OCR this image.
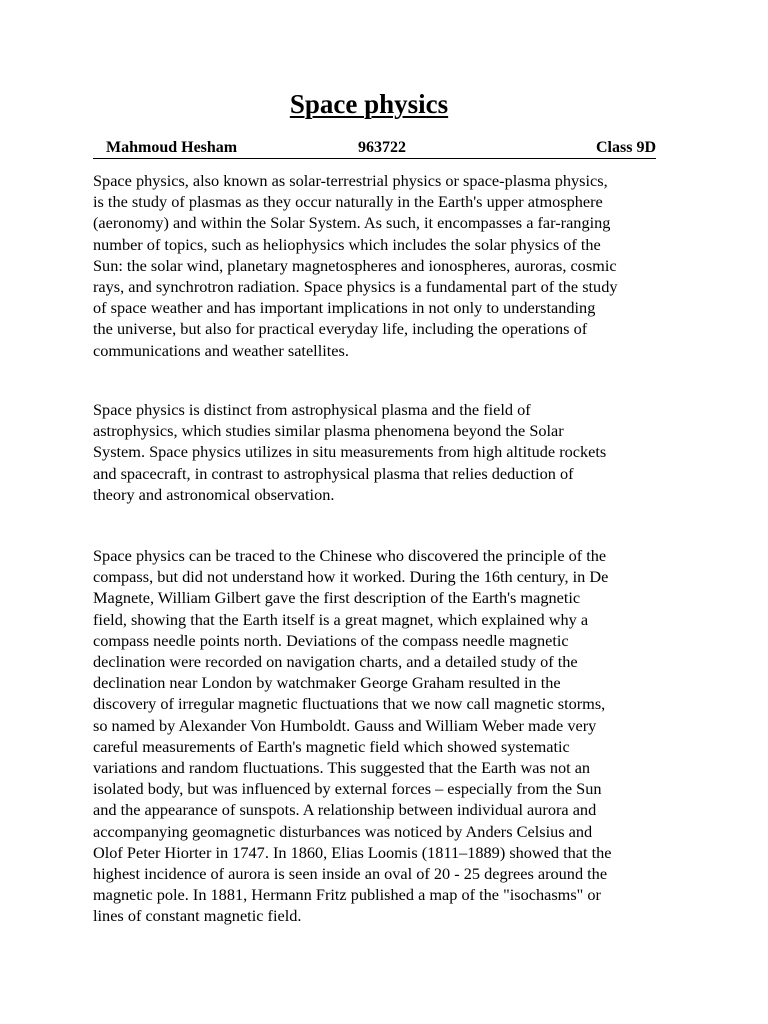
Space physics
Mahmoud Hesham	963722	Class 9D

Space physics, also known as solar-terrestrial physics or space-plasma physics,
is the study of plasmas as they occur naturally in the Earth's upper atmosphere
(aeronomy) and within the Solar System. As such, it encompasses a far-ranging
number of topics, such as heliophysics which includes the solar physics of the
Sun: the solar wind, planetary magnetospheres and ionospheres, auroras, cosmic
rays, and synchrotron radiation. Space physics is a fundamental part of the study
of space weather and has important implications in not only to understanding
the universe, but also for practical everyday life, including the operations of
communications and weather satellites.

Space physics is distinct from astrophysical plasma and the field of
astrophysics, which studies similar plasma phenomena beyond the Solar
System. Space physics utilizes in situ measurements from high altitude rockets
and spacecraft, in contrast to astrophysical plasma that relies deduction of
theory and astronomical observation.

Space physics can be traced to the Chinese who discovered the principle of the
compass, but did not understand how it worked. During the 16th century, in De
Magnete, William Gilbert gave the first description of the Earth's magnetic
field, showing that the Earth itself is a great magnet, which explained why a
compass needle points north. Deviations of the compass needle magnetic
declination were recorded on navigation charts, and a detailed study of the
declination near London by watchmaker George Graham resulted in the
discovery of irregular magnetic fluctuations that we now call magnetic storms,
so named by Alexander Von Humboldt. Gauss and William Weber made very
careful measurements of Earth's magnetic field which showed systematic
variations and random fluctuations. This suggested that the Earth was not an
isolated body, but was influenced by external forces – especially from the Sun
and the appearance of sunspots. A relationship between individual aurora and
accompanying geomagnetic disturbances was noticed by Anders Celsius and
Olof Peter Hiorter in 1747. In 1860, Elias Loomis (1811–1889) showed that the
highest incidence of aurora is seen inside an oval of 20 - 25 degrees around the
magnetic pole. In 1881, Hermann Fritz published a map of the "isochasms" or
lines of constant magnetic field.
